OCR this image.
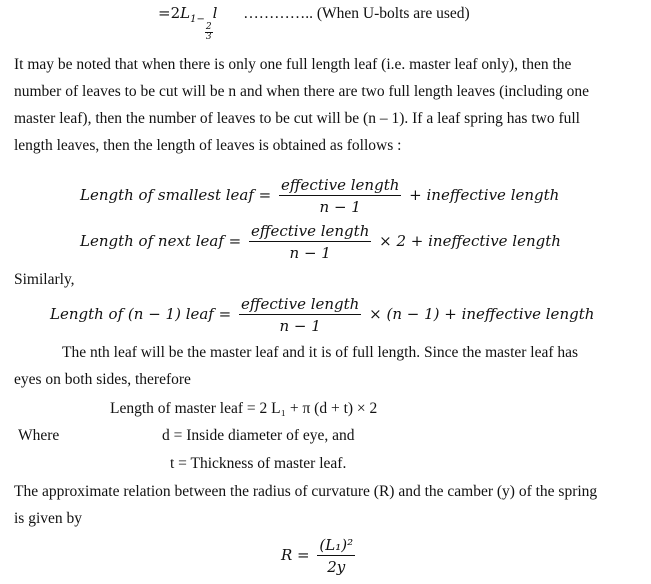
$=2L_{1- \frac{2}{3}}$
l ………….. (When U-bolts are used)
It may be noted that when there is only one full length leaf (i.e. master leaf only), then the
number of leaves to be cut will be n and when there are two full length leaves (including one
master leaf), then the number of leaves to be cut will be (n – 1). If a leaf spring has two full
length leaves, then the length of leaves is obtained as follows :
Length of smallest leaf = $\frac{\text{effective length}}{n - 1}$ + ineffective length
Length of next leaf = $\frac{\text{effective length}}{n - 1} \times 2$ + ineffective length
Similarly,
Length of (n − 1) leaf = $\frac{\text{effective length}}{n - 1} \times (n - 1)$ + ineffective length
The nth leaf will be the master leaf and it is of full length. Since the master leaf has
eyes on both sides, therefore
Length of master leaf = 2 L₁ + π (d + t) × 2
Where	d = Inside diameter of eye, and
t = Thickness of master leaf.
The approximate relation between the radius of curvature (R) and the camber (y) of the spring
is given by
$R = \frac{\text{(L₁)²}}{2y}$
